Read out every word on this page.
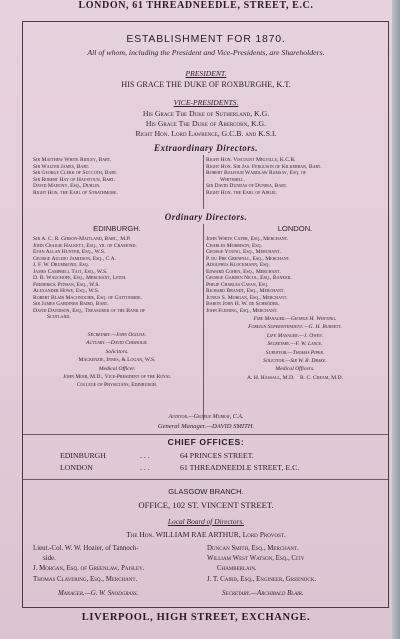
LONDON, 61 THREADNEEDLE, STREET, E.C.
ESTABLISHMENT FOR 1870.
All of whom, including the President and Vice-Presidents, are Shareholders.
PRESIDENT.
HIS GRACE THE DUKE OF ROXBURGHE, K.T.
VICE-PRESIDENTS.
His Grace The Duke of Sutherland, K.G.
His Grace The Duke of Abercorn, K.G.
Right Hon. Lord Lawrence, G.C.B. and K.S.I.
Extraordinary Directors.
Sir Matthew White Ridley, Bart.
Sir Walter James, Bart.
Sir George Clerk of Succoth, Bart.
Sir Robert Hay of Haystoun, Bart.
David Mahony, Esq., Dublin.
Right Hon. the Earl of Strathmore.
Right Hon. Viscount Melville, K.C.B.
Right Hon. Sir Jas. Ferguson of Kilkerran, Bart.
Robert Balfour Wardlaw Ramsay, Esq. of
Whitehill.
Sir David Dundas of Dunira, Bart.
Right Hon. the Earl of Airlie.
Ordinary Directors.
EDINBURGH.	LONDON.
Sir A. C. R. Gibson-Maitland, Bart., M.P.
John Craigie Halkett, Esq., yr. of Cramond.
Evan Allan Hunter, Esq., W.S.
George Auldjo Jamieson, Esq., C.A.
J. F. W. Drummond, Esq.
James Campbell Tait, Esq., W.S.
D. B. Wauchope, Esq., Merchant, Leith.
Frederick Pitman, Esq., W.S.
Alexander Howe, Esq., W.S.
Robert Blair Maconochie, Esq. of Gattonside.
Sir James Gardiner Baird, Bart.
David Davidson, Esq., Treasurer of the Bank of
Scotland.
Secretary.—John Ogilvie.
Actuary.—David Chisholm.
Solicitors.
Mackenzie, Innes, & Logan, W.S.
Medical Officer.
John Moir, M.D., Vice-President of the Royal
College of Physicians, Edinburgh.
John White Cater, Esq., Merchant.
Charles Morrison, Esq.
George Young, Esq., Merchant.
P. du Pre Grenfell, Esq., Merchant.
Adolphus Klockmann, Esq.
Edward Cohen, Esq., Merchant.
George Garden Nicol, Esq., Banker.
Philip Charles Cavan, Esq.
Richard Brandt, Esq., Merchant.
Junius S. Morgan, Esq., Merchant.
Baron John H. W. de Schröder.
John Fleming, Esq., Merchant.
Fire Manager.—George H. Whyting.
Foreign Superintendent.—G. H. Burnett.
Life Manager.—J. Owen.
Secretary.—F. W. Lance.
Surveyor.—Thomas Piper.
Solicitor.—Sir W. R. Drake.
Medical Officers.
A. H. Hassall, M.D.    R. C. Cream, M.D.
Auditor.—George Murray, C.A.
General Manager.—DAVID SMITH.
CHIEF OFFICES:
EDINBURGH	. . .	64 PRINCES STREET.
LONDON	. . .	61 THREADNEEDLE STREET, E.C.
GLASGOW BRANCH.
OFFICE, 102 ST. VINCENT STREET.
Local Board of Directors.
The Hon. WILLIAM RAE ARTHUR, Lord Provost.
Lieut.-Col. W. W. Hozier, of Tannoch-
side.
J. Morgan, Esq. of Greenlaw, Paisley.
Thomas Clavering, Esq., Merchant.
Duncan Smith, Esq., Merchant.
William West Watson, Esq., City
Chamberlain.
J. T. Caird, Esq., Engineer, Greenock.
Manager.—G. W. Snodgrass.	Secretary.—Archibald Blair.
LIVERPOOL, HIGH STREET, EXCHANGE.
